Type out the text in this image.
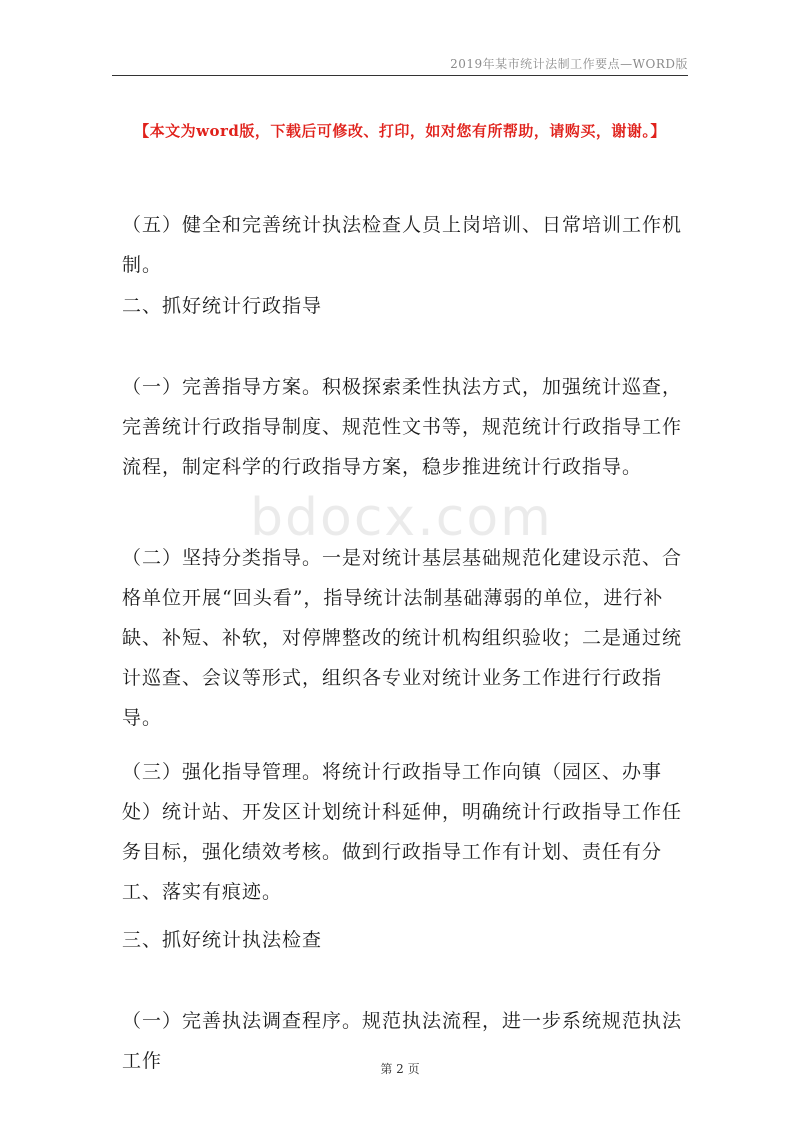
2019年某市统计法制工作要点—WORD版
【本文为word版，下载后可修改、打印，如对您有所帮助，请购买，谢谢。】
bdocx.com
（五）健全和完善统计执法检查人员上岗培训、日常培训工作机制。
二、抓好统计行政指导
（一）完善指导方案。积极探索柔性执法方式，加强统计巡查，完善统计行政指导制度、规范性文书等，规范统计行政指导工作流程，制定科学的行政指导方案，稳步推进统计行政指导。
（二）坚持分类指导。一是对统计基层基础规范化建设示范、合格单位开展“回头看”，指导统计法制基础薄弱的单位，进行补缺、补短、补软，对停牌整改的统计机构组织验收；二是通过统计巡查、会议等形式，组织各专业对统计业务工作进行行政指导。
（三）强化指导管理。将统计行政指导工作向镇（园区、办事处）统计站、开发区计划统计科延伸，明确统计行政指导工作任务目标，强化绩效考核。做到行政指导工作有计划、责任有分工、落实有痕迹。
三、抓好统计执法检查
（一）完善执法调查程序。规范执法流程，进一步系统规范执法工作	第 2 页
